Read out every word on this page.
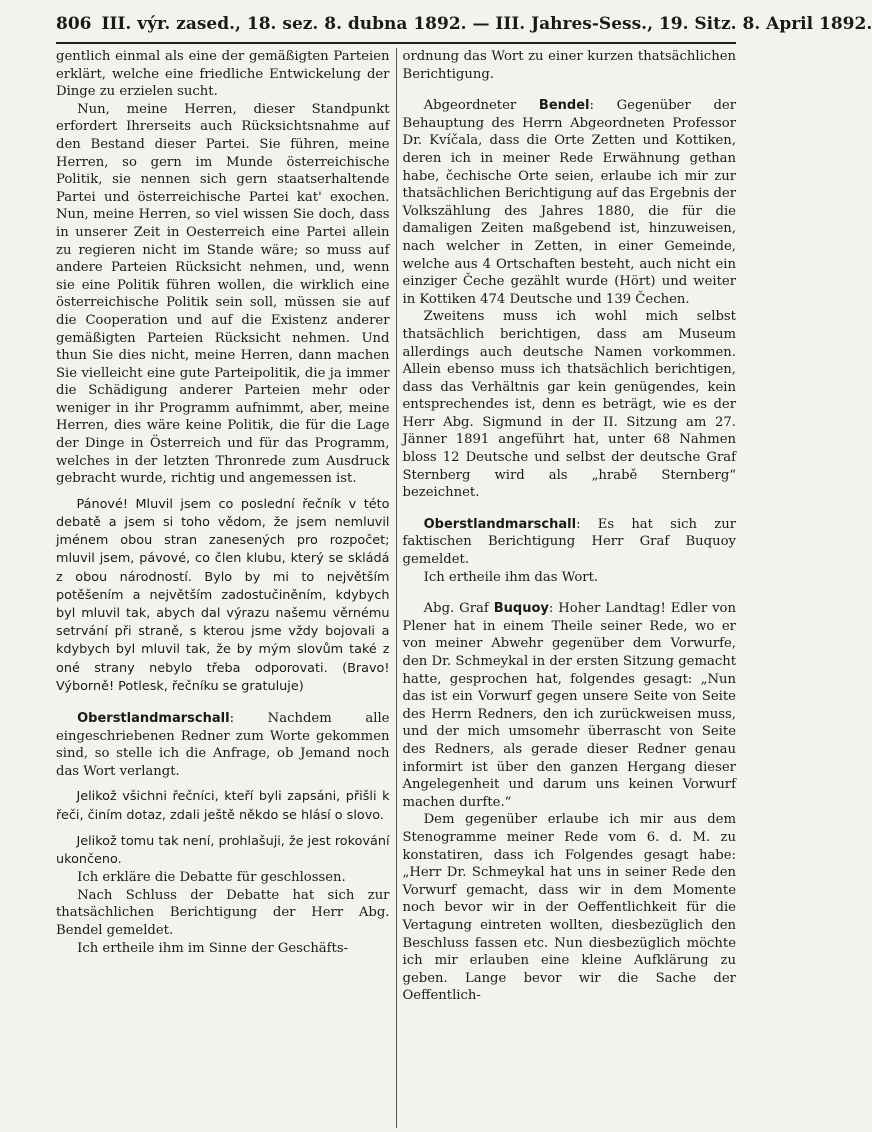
806 III. výr. zased., 18. sez. 8. dubna 1892. — III. Jahres-Sess., 19. Sitz. 8. April 1892.

gentlich einmal als eine der gemäßigten Parteien erklärt, welche eine friedliche Entwickelung der Dinge zu erzielen sucht.

Nun, meine Herren, dieser Standpunkt erfordert Ihrerseits auch Rücksichtsnahme auf den Bestand dieser Partei. Sie führen, meine Herren, so gern im Munde österreichische Politik, sie nennen sich gern staatserhaltende Partei und österreichische Partei kat' exochen. Nun, meine Herren, so viel wissen Sie doch, dass in unserer Zeit in Oesterreich eine Partei allein zu regieren nicht im Stande wäre; so muss auf andere Parteien Rücksicht nehmen, und, wenn sie eine Politik führen wollen, die wirklich eine österreichische Politik sein soll, müssen sie auf die Cooperation und auf die Existenz anderer gemäßigten Parteien Rücksicht nehmen. Und thun Sie dies nicht, meine Herren, dann machen Sie vielleicht eine gute Parteipolitik, die ja immer die Schädigung anderer Parteien mehr oder weniger in ihr Programm aufnimmt, aber, meine Herren, dies wäre keine Politik, die für die Lage der Dinge in Österreich und für das Programm, welches in der letzten Thronrede zum Ausdruck gebracht wurde, richtig und angemessen ist.

Pánové! Mluvil jsem co poslední řečník v této debatě a jsem si toho vědom, že jsem nemluvil jménem obou stran zanesených pro rozpočet; mluvil jsem, pávové, co člen klubu, který se skládá z obou národností. Bylo by mi to největším potěšením a největším zadostučiněním, kdybych byl mluvil tak, abych dal výrazu našemu věrnému setrvání při straně, s kterou jsme vždy bojovali a kdybych byl mluvil tak, že by mým slovům také z oné strany nebylo třeba odporovati. (Bravo! Výborně! Potlesk, řečníku se gratuluje)

Oberstlandmarschall: Nachdem alle eingeschriebenen Redner zum Worte gekommen sind, so stelle ich die Anfrage, ob Jemand noch das Wort verlangt.

Jelikož všichni řečníci, kteří byli zapsáni, přišli k řeči, činím dotaz, zdali ještě někdo se hlásí o slovo.

Jelikož tomu tak není, prohlašuji, že jest rokování ukončeno.

Ich erkläre die Debatte für geschlossen.

Nach Schluss der Debatte hat sich zur thatsächlichen Berichtigung der Herr Abg. Bendel gemeldet.

Ich ertheile ihm im Sinne der Geschäfts-

ordnung das Wort zu einer kurzen thatsächlichen Berichtigung.

Abgeordneter Bendel: Gegenüber der Behauptung des Herrn Abgeordneten Professor Dr. Kvíčala, dass die Orte Zetten und Kottiken, deren ich in meiner Rede Erwähnung gethan habe, čechische Orte seien, erlaube ich mir zur thatsächlichen Berichtigung auf das Ergebnis der Volkszählung des Jahres 1880, die für die damaligen Zeiten maßgebend ist, hinzuweisen, nach welcher in Zetten, in einer Gemeinde, welche aus 4 Ortschaften besteht, auch nicht ein einziger Čeche gezählt wurde (Hört) und weiter in Kottiken 474 Deutsche und 139 Čechen.

Zweitens muss ich wohl mich selbst thatsächlich berichtigen, dass am Museum allerdings auch deutsche Namen vorkommen. Allein ebenso muss ich thatsächlich berichtigen, dass das Verhältnis gar kein genügendes, kein entsprechendes ist, denn es beträgt, wie es der Herr Abg. Sigmund in der II. Sitzung am 27. Jänner 1891 angeführt hat, unter 68 Nahmen bloss 12 Deutsche und selbst der deutsche Graf Sternberg wird als „hrabě Sternberg“ bezeichnet.

Oberstlandmarschall: Es hat sich zur faktischen Berichtigung Herr Graf Buquoy gemeldet.

Ich ertheile ihm das Wort.

Abg. Graf Buquoy: Hoher Landtag! Edler von Plener hat in einem Theile seiner Rede, wo er von meiner Abwehr gegenüber dem Vorwurfe, den Dr. Schmeykal in der ersten Sitzung gemacht hatte, gesprochen hat, folgendes gesagt: „Nun das ist ein Vorwurf gegen unsere Seite von Seite des Herrn Redners, den ich zurückweisen muss, und der mich umsomehr überrascht von Seite des Redners, als gerade dieser Redner genau informirt ist über den ganzen Hergang dieser Angelegenheit und darum uns keinen Vorwurf machen durfte.“

Dem gegenüber erlaube ich mir aus dem Stenogramme meiner Rede vom 6. d. M. zu konstatiren, dass ich Folgendes gesagt habe: „Herr Dr. Schmeykal hat uns in seiner Rede den Vorwurf gemacht, dass wir in dem Momente noch bevor wir in der Oeffentlichkeit für die Vertagung eintreten wollten, diesbezüglich den Beschluss fassen etc. Nun diesbezüglich möchte ich mir erlauben eine kleine Aufklärung zu geben. Lange bevor wir die Sache der Oeffentlich-
